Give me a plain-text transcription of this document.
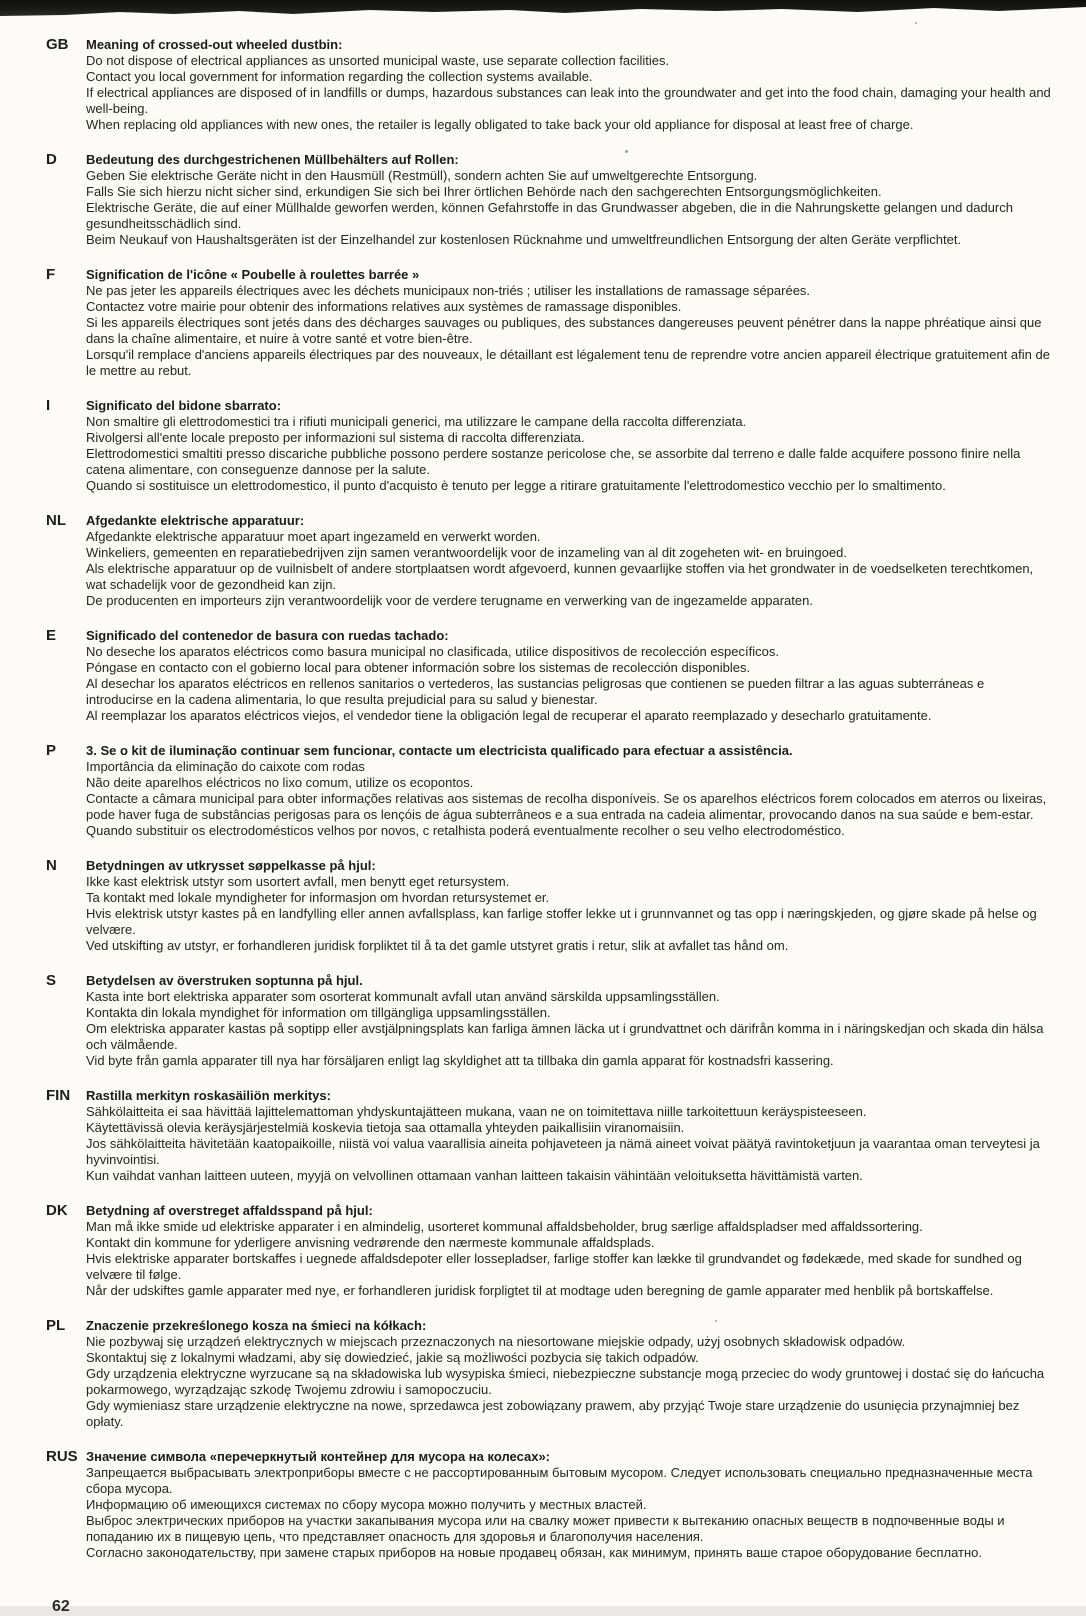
GB	Meaning of crossed-out wheeled dustbin:

Do not dispose of electrical appliances as unsorted municipal waste, use separate collection facilities.

Contact you local government for information regarding the collection systems available.

If electrical appliances are disposed of in landfills or dumps, hazardous substances can leak into the groundwater and get into the food chain, damaging your health and well-being.

When replacing old appliances with new ones, the retailer is legally obligated to take back your old appliance for disposal at least free of charge.

D	Bedeutung des durchgestrichenen Müllbehälters auf Rollen:

Geben Sie elektrische Geräte nicht in den Hausmüll (Restmüll), sondern achten Sie auf umweltgerechte Entsorgung.

Falls Sie sich hierzu nicht sicher sind, erkundigen Sie sich bei Ihrer örtlichen Behörde nach den sachgerechten Entsorgungsmöglichkeiten.

Elektrische Geräte, die auf einer Müllhalde geworfen werden, können Gefahrstoffe in das Grundwasser abgeben, die in die Nahrungskette gelangen und dadurch gesundheitsschädlich sind.

Beim Neukauf von Haushaltsgeräten ist der Einzelhandel zur kostenlosen Rücknahme und umweltfreundlichen Entsorgung der alten Geräte verpflichtet.

F	Signification de l'icône « Poubelle à roulettes barrée »

Ne pas jeter les appareils électriques avec les déchets municipaux non-triés ; utiliser les installations de ramassage séparées.

Contactez votre mairie pour obtenir des informations relatives aux systèmes de ramassage disponibles.

Si les appareils électriques sont jetés dans des décharges sauvages ou publiques, des substances dangereuses peuvent pénétrer dans la nappe phréatique ainsi que dans la chaîne alimentaire, et nuire à votre santé et votre bien-être.

Lorsqu'il remplace d'anciens appareils électriques par des nouveaux, le détaillant est légalement tenu de reprendre votre ancien appareil électrique gratuitement afin de le mettre au rebut.

I	Significato del bidone sbarrato:

Non smaltire gli elettrodomestici tra i rifiuti municipali generici, ma utilizzare le campane della raccolta differenziata.

Rivolgersi all'ente locale preposto per informazioni sul sistema di raccolta differenziata.

Elettrodomestici smaltiti presso discariche pubbliche possono perdere sostanze pericolose che, se assorbite dal terreno e dalle falde acquifere possono finire nella catena alimentare, con conseguenze dannose per la salute.

Quando si sostituisce un elettrodomestico, il punto d'acquisto è tenuto per legge a ritirare gratuitamente l'elettrodomestico vecchio per lo smaltimento.

NL	Afgedankte elektrische apparatuur:

Afgedankte elektrische apparatuur moet apart ingezameld en verwerkt worden.

Winkeliers, gemeenten en reparatiebedrijven zijn samen verantwoordelijk voor de inzameling van al dit zogeheten wit- en bruingoed.

Als elektrische apparatuur op de vuilnisbelt of andere stortplaatsen wordt afgevoerd, kunnen gevaarlijke stoffen via het grondwater in de voedselketen terechtkomen, wat schadelijk voor de gezondheid kan zijn.

De producenten en importeurs zijn verantwoordelijk voor de verdere terugname en verwerking van de ingezamelde apparaten.

E	Significado del contenedor de basura con ruedas tachado:

No deseche los aparatos eléctricos como basura municipal no clasificada, utilice dispositivos de recolección específicos.

Póngase en contacto con el gobierno local para obtener información sobre los sistemas de recolección disponibles.

Al desechar los aparatos eléctricos en rellenos sanitarios o vertederos, las sustancias peligrosas que contienen se pueden filtrar a las aguas subterráneas e introducirse en la cadena alimentaria, lo que resulta prejudicial para su salud y bienestar.

Al reemplazar los aparatos eléctricos viejos, el vendedor tiene la obligación legal de recuperar el aparato reemplazado y desecharlo gratuitamente.

P	3. Se o kit de iluminação continuar sem funcionar, contacte um electricista qualificado para efectuar a assistência.

Importância da eliminação do caixote com rodas

Não deite aparelhos eléctricos no lixo comum, utilize os ecopontos.

Contacte a câmara municipal para obter informações relativas aos sistemas de recolha disponíveis. Se os aparelhos eléctricos forem colocados em aterros ou lixeiras, pode haver fuga de substâncias perigosas para os lençóis de água subterrâneos e a sua entrada na cadeia alimentar, provocando danos na sua saúde e bem-estar.

Quando substituir os electrodomésticos velhos por novos, c retalhista poderá eventualmente recolher o seu velho electrodoméstico.

N	Betydningen av utkrysset søppelkasse på hjul:

Ikke kast elektrisk utstyr som usortert avfall, men benytt eget retursystem.

Ta kontakt med lokale myndigheter for informasjon om hvordan retursystemet er.

Hvis elektrisk utstyr kastes på en landfylling eller annen avfallsplass, kan farlige stoffer lekke ut i grunnvannet og tas opp i næringskjeden, og gjøre skade på helse og velvære.

Ved utskifting av utstyr, er forhandleren juridisk forpliktet til å ta det gamle utstyret gratis i retur, slik at avfallet tas hånd om.

S	Betydelsen av överstruken soptunna på hjul.

Kasta inte bort elektriska apparater som osorterat kommunalt avfall utan använd särskilda uppsamlingsställen.

Kontakta din lokala myndighet för information om tillgängliga uppsamlingsställen.

Om elektriska apparater kastas på soptipp eller avstjälpningsplats kan farliga ämnen läcka ut i grundvattnet och därifrån komma in i näringskedjan och skada din hälsa och välmående.

Vid byte från gamla apparater till nya har försäljaren enligt lag skyldighet att ta tillbaka din gamla apparat för kostnadsfri kassering.

FIN	Rastilla merkityn roskasäiliön merkitys:

Sähkölaitteita ei saa hävittää lajittelemattoman yhdyskuntajätteen mukana, vaan ne on toimitettava niille tarkoitettuun keräyspisteeseen.

Käytettävissä olevia keräysjärjestelmiä koskevia tietoja saa ottamalla yhteyden paikallisiin viranomaisiin.

Jos sähkölaitteita hävitetään kaatopaikoille, niistä voi valua vaarallisia aineita pohjaveteen ja nämä aineet voivat päätyä ravintoketjuun ja vaarantaa oman terveytesi ja hyvinvointisi.

Kun vaihdat vanhan laitteen uuteen, myyjä on velvollinen ottamaan vanhan laitteen takaisin vähintään veloituksetta hävittämistä varten.

DK	Betydning af overstreget affaldsspand på hjul:

Man må ikke smide ud elektriske apparater i en almindelig, usorteret kommunal affaldsbeholder, brug særlige affaldspladser med affaldssortering.

Kontakt din kommune for yderligere anvisning vedrørende den nærmeste kommunale affaldsplads.

Hvis elektriske apparater bortskaffes i uegnede affaldsdepoter eller lossepladser, farlige stoffer kan lække til grundvandet og fødekæde, med skade for sundhed og velvære til følge.

Når der udskiftes gamle apparater med nye, er forhandleren juridisk forpligtet til at modtage uden beregning de gamle apparater med henblik på bortskaffelse.

PL	Znaczenie przekreślonego kosza na śmieci na kółkach:

Nie pozbywaj się urządzeń elektrycznych w miejscach przeznaczonych na niesortowane miejskie odpady, użyj osobnych składowisk odpadów.

Skontaktuj się z lokalnymi władzami, aby się dowiedzieć, jakie są możliwości pozbycia się takich odpadów.

Gdy urządzenia elektryczne wyrzucane są na składowiska lub wysypiska śmieci, niebezpieczne substancje mogą przeciec do wody gruntowej i dostać się do łańcucha pokarmowego, wyrządzając szkodę Twojemu zdrowiu i samopoczuciu.

Gdy wymieniasz stare urządzenie elektryczne na nowe, sprzedawca jest zobowiązany prawem, aby przyjąć Twoje stare urządzenie do usunięcia przynajmniej bez opłaty.

RUS Значение символа «перечеркнутый контейнер для мусора на колесах»:

Запрещается выбрасывать электроприборы вместе с не рассортированным бытовым мусором. Следует использовать специально предназначенные места сбора мусора.

Информацию об имеющихся системах по сбору мусора можно получить у местных властей.

Выброс электрических приборов на участки закапывания мусора или на свалку может привести к вытеканию опасных веществ в подпочвенные воды и попаданию их в пищевую цепь, что представляет опасность для здоровья и благополучия населения.

Согласно законодательству, при замене старых приборов на новые продавец обязан, как минимум, принять ваше старое оборудование бесплатно.

62
